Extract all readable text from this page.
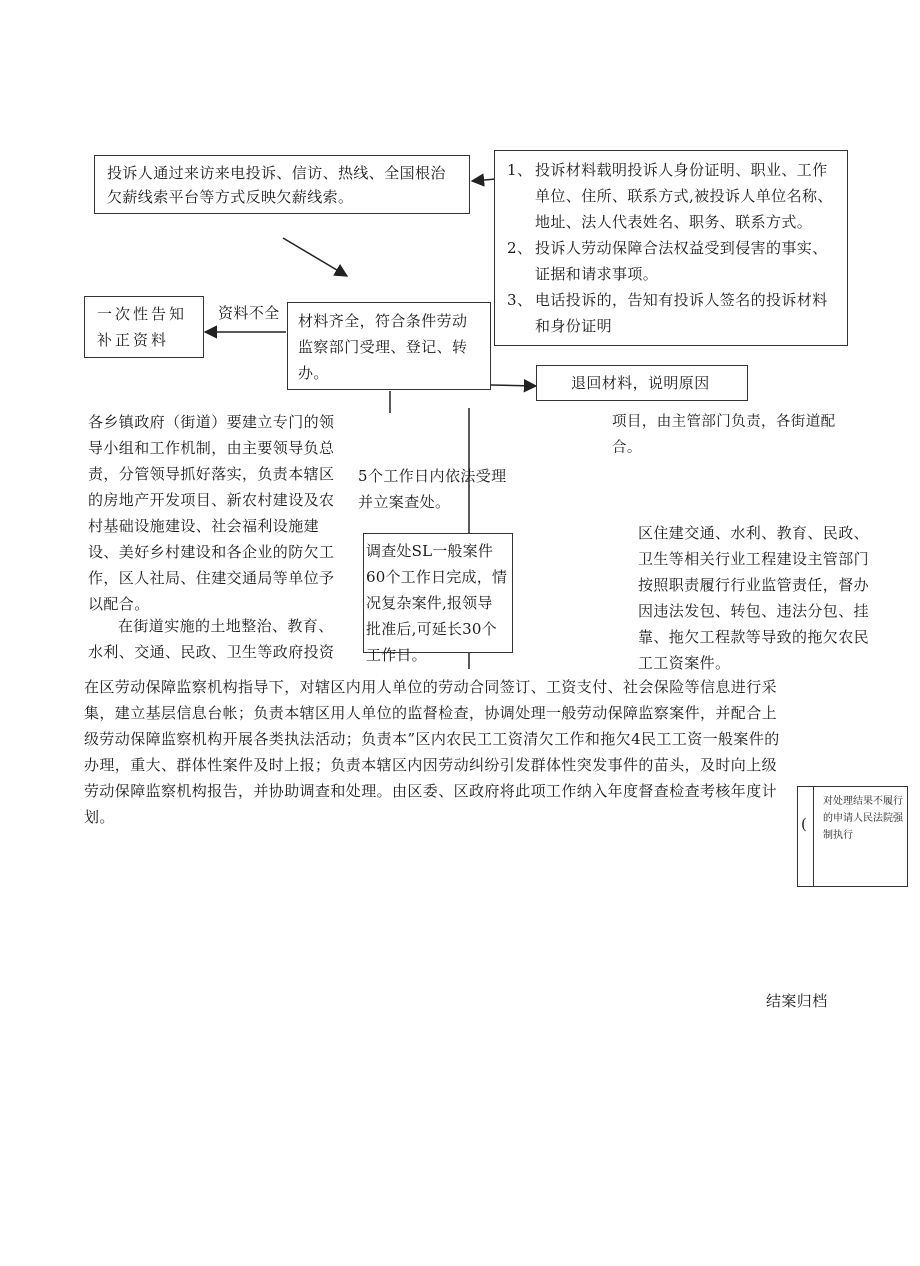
投诉人通过来访来电投诉、信访、热线、全国根治欠薪线索平台等方式反映欠薪线索。
1、 投诉材料载明投诉人身份证明、职业、工作单位、住所、联系方式,被投诉人单位名称、地址、法人代表姓名、职务、联系方式。
2、 投诉人劳动保障合法权益受到侵害的事实、证据和请求事项。
3、 电话投诉的，告知有投诉人签名的投诉材料和身份证明
一次性告知补正资料
资料不全 材料齐全，符合条件劳动监察部门受理、登记、转办。
退回材料，说明原因
各乡镇政府（街道）要建立专门的领导小组和工作机制，由主要领导负总责，分管领导抓好落实，负责本辖区的房地产开发项目、新农村建设及农村基础设施建设、社会福利设施建设、美好乡村建设和各企业的防欠工作，区人社局、住建交通局等单位予以配合。
在街道实施的土地整治、教育、水利、交通、民政、卫生等政府投资
项目，由主管部门负责，各街道配合。
5个工作日内依法受理并立案查处。
调查处SL一般案件60个工作日完成，情况复杂案件,报领导 批准后,可延长30个 工作日。
区住建交通、水利、教育、民政、卫生等相关行业工程建设主管部门按照职责履行行业监管责任，督办因违法发包、转包、违法分包、挂靠、拖欠工程款等导致的拖欠农民工工资案件。
在区劳动保障监察机构指导下，对辖区内用人单位的劳动合同签订、工资支付、社会保险等信息进行采集，建立基层信息台帐；负责本辖区用人单位的监督检查，协调处理一般劳动保障监察案件，并配合上级劳动保障监察机构开展各类执法活动；负责本”区内农民工工资清欠工作和拖欠4民工工资一般案件的办理，重大、群体性案件及时上报；负责本辖区内因劳动纠纷引发群体性突发事件的苗头，及时向上级劳动保障监察机构报告，并协助调查和处理。由区委、区政府将此项工作纳入年度督查检查考核年度计划。	(
对处理结果不履行的申请人民法院强制执行
结案归档
